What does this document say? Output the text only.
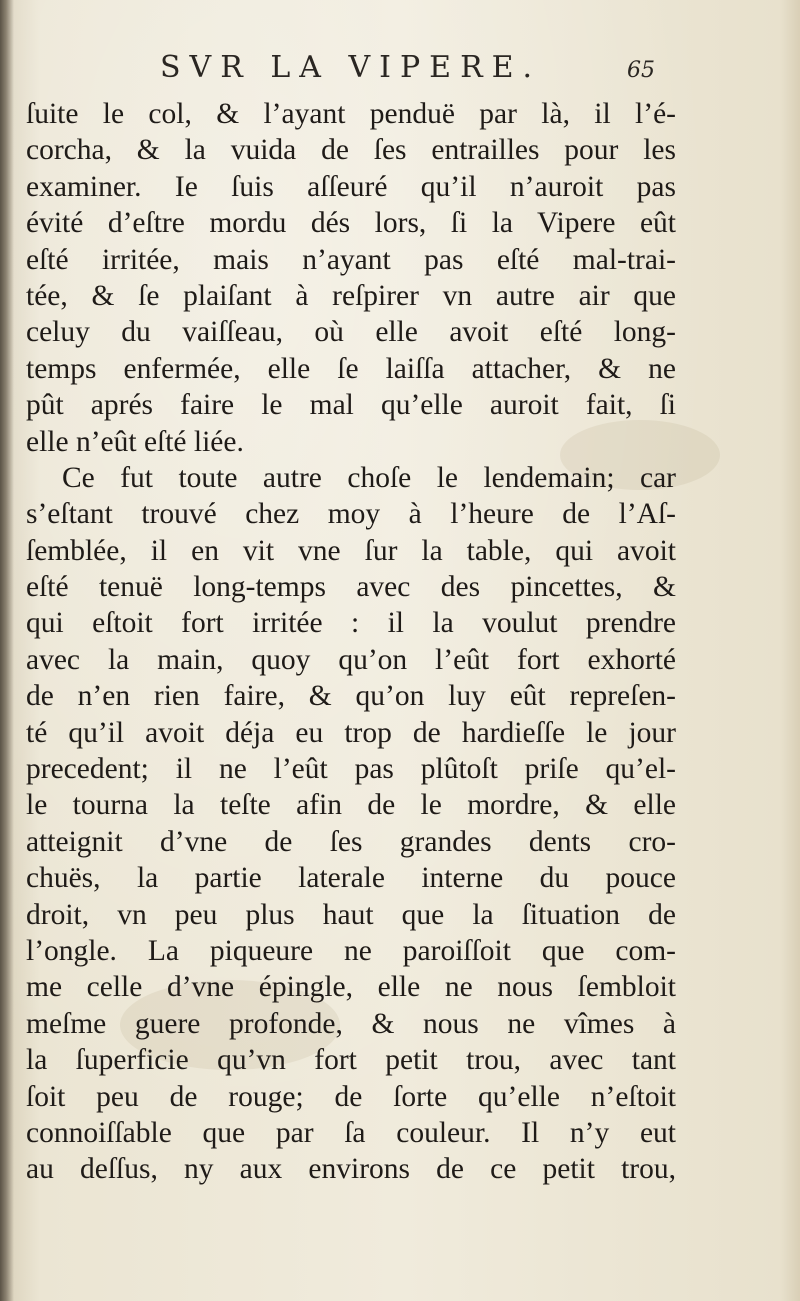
SVR LA VIPERE.	65
ſuite le col, & l’ayant penduë par là, il l’é-
corcha, & la vuida de ſes entrailles pour les
examiner. Ie ſuis aſſeuré qu’il n’auroit pas
évité d’eſtre mordu dés lors, ſi la Vipere eût
eſté irritée, mais n’ayant pas eſté mal-trai-
tée, & ſe plaiſant à reſpirer vn autre air que
celuy du vaiſſeau, où elle avoit eſté long-
temps enfermée, elle ſe laiſſa attacher, & ne
pût aprés faire le mal qu’elle auroit fait, ſi
elle n’eût eſté liée.
Ce fut toute autre choſe le lendemain; car
s’eſtant trouvé chez moy à l’heure de l’Aſ-
ſemblée, il en vit vne ſur la table, qui avoit
eſté tenuë long-temps avec des pincettes, &
qui eſtoit fort irritée : il la voulut prendre
avec la main, quoy qu’on l’eût fort exhorté
de n’en rien faire, & qu’on luy eût repreſen-
té qu’il avoit déja eu trop de hardieſſe le jour
precedent; il ne l’eût pas plûtoſt priſe qu’el-
le tourna la teſte afin de le mordre, & elle
atteignit d’vne de ſes grandes dents cro-
chuës, la partie laterale interne du pouce
droit, vn peu plus haut que la ſituation de
l’ongle. La piqueure ne paroiſſoit que com-
me celle d’vne épingle, elle ne nous ſembloit
meſme guere profonde, & nous ne vîmes à
la ſuperficie qu’vn fort petit trou, avec tant
ſoit peu de rouge; de ſorte qu’elle n’eſtoit
connoiſſable que par ſa couleur. Il n’y eut
au deſſus, ny aux environs de ce petit trou,
